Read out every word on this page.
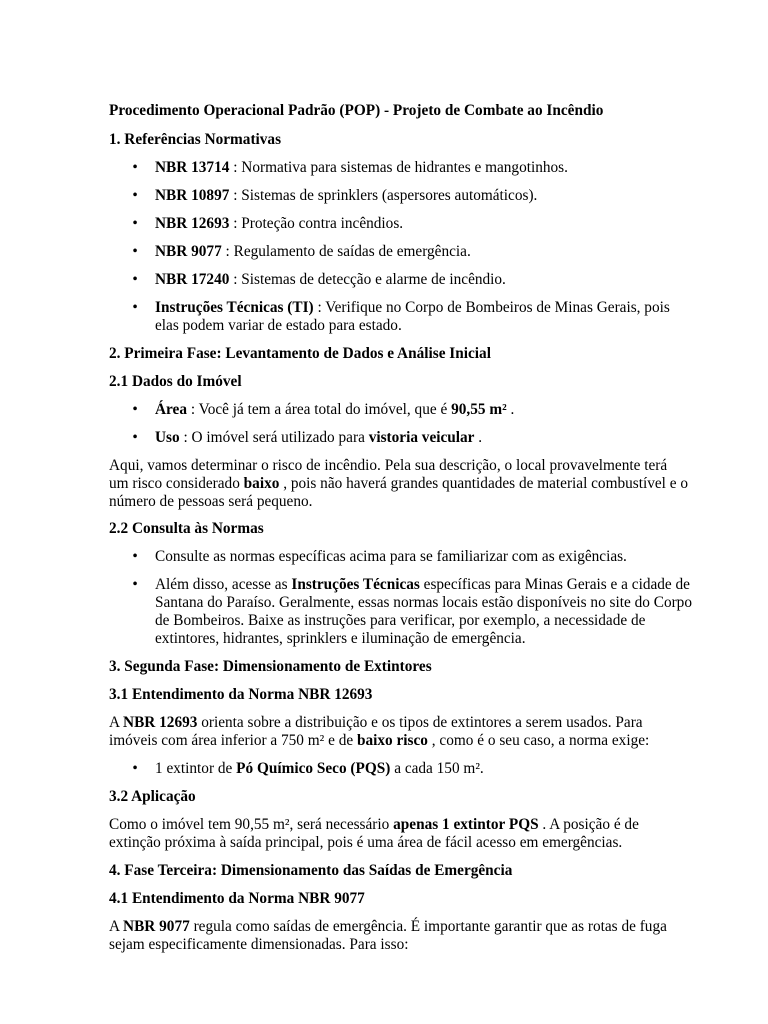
Procedimento Operacional Padrão (POP) - Projeto de Combate ao Incêndio

1. Referências Normativas

• NBR 13714 : Normativa para sistemas de hidrantes e mangotinhos.

• NBR 10897 : Sistemas de sprinklers (aspersores automáticos).

• NBR 12693 : Proteção contra incêndios.

• NBR 9077 : Regulamento de saídas de emergência.

• NBR 17240 : Sistemas de detecção e alarme de incêndio.

• Instruções Técnicas (TI) : Verifique no Corpo de Bombeiros de Minas Gerais, pois elas podem variar de estado para estado.

2. Primeira Fase: Levantamento de Dados e Análise Inicial

2.1 Dados do Imóvel

• Área : Você já tem a área total do imóvel, que é 90,55 m² .

• Uso : O imóvel será utilizado para vistoria veicular .

Aqui, vamos determinar o risco de incêndio. Pela sua descrição, o local provavelmente terá um risco considerado baixo , pois não haverá grandes quantidades de material combustível e o número de pessoas será pequeno.

2.2 Consulta às Normas

• Consulte as normas específicas acima para se familiarizar com as exigências.

• Além disso, acesse as Instruções Técnicas específicas para Minas Gerais e a cidade de Santana do Paraíso. Geralmente, essas normas locais estão disponíveis no site do Corpo de Bombeiros. Baixe as instruções para verificar, por exemplo, a necessidade de extintores, hidrantes, sprinklers e iluminação de emergência.

3. Segunda Fase: Dimensionamento de Extintores

3.1 Entendimento da Norma NBR 12693

A NBR 12693 orienta sobre a distribuição e os tipos de extintores a serem usados. Para imóveis com área inferior a 750 m² e de baixo risco , como é o seu caso, a norma exige:

• 1 extintor de Pó Químico Seco (PQS) a cada 150 m².

3.2 Aplicação

Como o imóvel tem 90,55 m², será necessário apenas 1 extintor PQS . A posição é de extinção próxima à saída principal, pois é uma área de fácil acesso em emergências.

4. Fase Terceira: Dimensionamento das Saídas de Emergência

4.1 Entendimento da Norma NBR 9077

A NBR 9077 regula como saídas de emergência. É importante garantir que as rotas de fuga sejam especificamente dimensionadas. Para isso:
